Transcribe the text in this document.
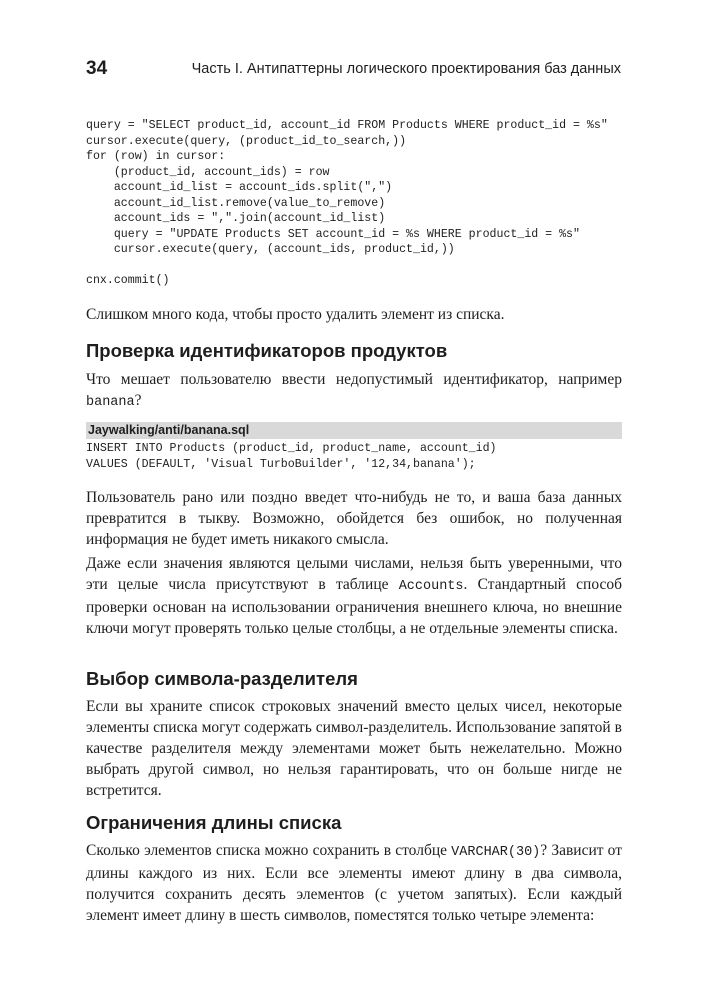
34	Часть I. Антипаттерны логического проектирования баз данных
query = "SELECT product_id, account_id FROM Products WHERE product_id = %s"
cursor.execute(query, (product_id_to_search,))
for (row) in cursor:
(product_id, account_ids) = row
account_id_list = account_ids.split(",")
account_id_list.remove(value_to_remove)
account_ids = ",".join(account_id_list)
query = "UPDATE Products SET account_id = %s WHERE product_id = %s"
cursor.execute(query, (account_ids, product_id,))

cnx.commit()

Слишком много кода, чтобы просто удалить элемент из списка.

Проверка идентификаторов продуктов

Что мешает пользователю ввести недопустимый идентификатор, например banana?

Jaywalking/anti/banana.sql
INSERT INTO Products (product_id, product_name, account_id)
VALUES (DEFAULT, 'Visual TurboBuilder', '12,34,banana');

Пользователь рано или поздно введет что-нибудь не то, и ваша база данных превратится в тыкву. Возможно, обойдется без ошибок, но полученная информация не будет иметь никакого смысла.

Даже если значения являются целыми числами, нельзя быть уверенными, что эти целые числа присутствуют в таблице Accounts. Стандартный способ проверки основан на использовании ограничения внешнего ключа, но внешние ключи могут проверять только целые столбцы, а не отдельные элементы списка.

Выбор символа-разделителя

Если вы храните список строковых значений вместо целых чисел, некоторые элементы списка могут содержать символ-разделитель. Использование запятой в качестве разделителя между элементами может быть нежелательно. Можно выбрать другой символ, но нельзя гарантировать, что он больше нигде не встретится.

Ограничения длины списка

Сколько элементов списка можно сохранить в столбце VARCHAR(30)? Зависит от длины каждого из них. Если все элементы имеют длину в два символа, получится сохранить десять элементов (с учетом запятых). Если каждый элемент имеет длину в шесть символов, поместятся только четыре элемента:
